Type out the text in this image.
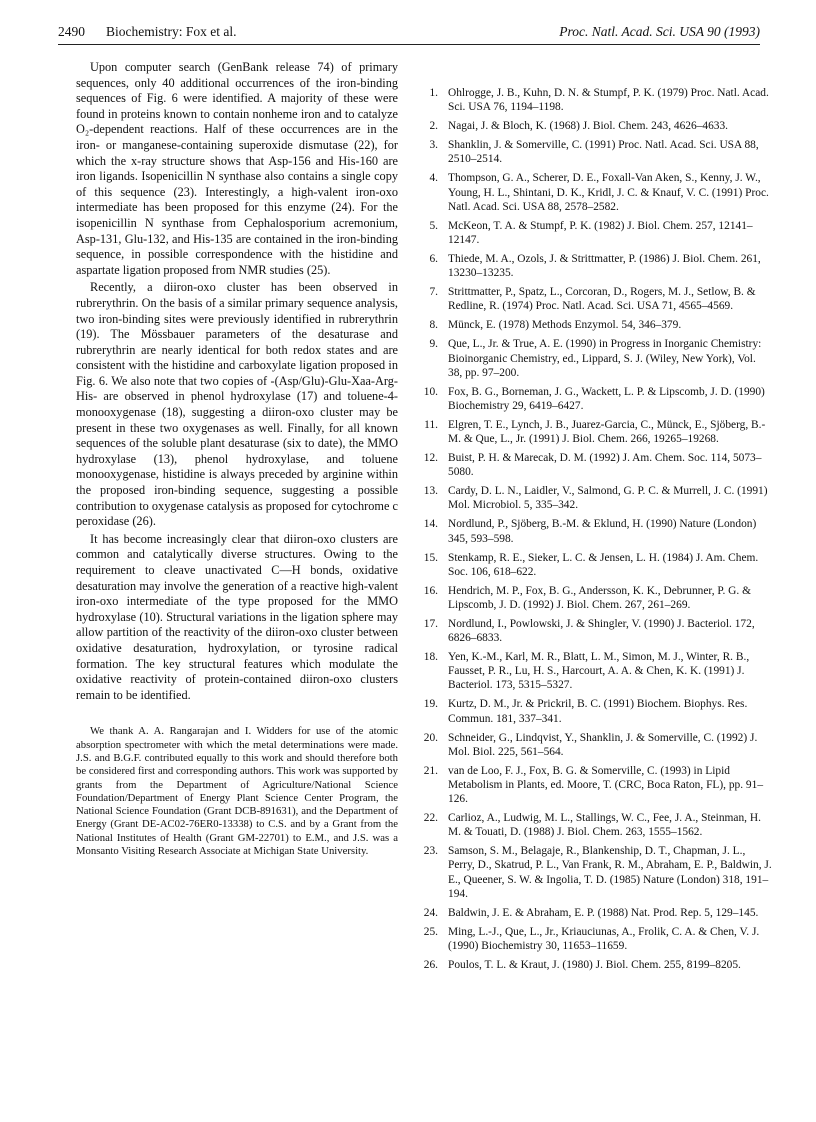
2490 Biochemistry: Fox et al.	Proc. Natl. Acad. Sci. USA 90 (1993)

Upon computer search (GenBank release 74) of primary sequences, only 40 additional occurrences of the iron-binding sequences of Fig. 6 were identified. A majority of these were found in proteins known to contain nonheme iron and to catalyze O₂-dependent reactions. Half of these occurrences are in the iron- or manganese-containing superoxide dismutase (22), for which the x-ray structure shows that Asp-156 and His-160 are iron ligands. Isopenicillin N synthase also contains a single copy of this sequence (23). Interestingly, a high-valent iron-oxo intermediate has been proposed for this enzyme (24). For the isopenicillin N synthase from Cephalosporium acremonium, Asp-131, Glu-132, and His-135 are contained in the iron-binding sequence, in possible correspondence with the histidine and aspartate ligation proposed from NMR studies (25).

Recently, a diiron-oxo cluster has been observed in rubrerythrin. On the basis of a similar primary sequence analysis, two iron-binding sites were previously identified in rubrerythrin (19). The Mössbauer parameters of the desaturase and rubrerythrin are nearly identical for both redox states and are consistent with the histidine and carboxylate ligation proposed in Fig. 6. We also note that two copies of -(Asp/Glu)-Glu-Xaa-Arg-His- are observed in phenol hydroxylase (17) and toluene-4-monooxygenase (18), suggesting a diiron-oxo cluster may be present in these two oxygenases as well. Finally, for all known sequences of the soluble plant desaturase (six to date), the MMO hydroxylase (13), phenol hydroxylase, and toluene monooxygenase, histidine is always preceded by arginine within the proposed iron-binding sequence, suggesting a possible contribution to oxygenase catalysis as proposed for cytochrome c peroxidase (26).

It has become increasingly clear that diiron-oxo clusters are common and catalytically diverse structures. Owing to the requirement to cleave unactivated C—H bonds, oxidative desaturation may involve the generation of a reactive high-valent iron-oxo intermediate of the type proposed for the MMO hydroxylase (10). Structural variations in the ligation sphere may allow partition of the reactivity of the diiron-oxo cluster between oxidative desaturation, hydroxylation, or tyrosine radical formation. The key structural features which modulate the oxidative reactivity of protein-contained diiron-oxo clusters remain to be identified.

We thank A. A. Rangarajan and I. Widders for use of the atomic absorption spectrometer with which the metal determinations were made. J.S. and B.G.F. contributed equally to this work and should therefore both be considered first and corresponding authors. This work was supported by grants from the Department of Agriculture/National Science Foundation/Department of Energy Plant Science Center Program, the National Science Foundation (Grant DCB-891631), and the Department of Energy (Grant DE-AC02-76ER0-13338) to C.S. and by a Grant from the National Institutes of Health (Grant GM-22701) to E.M., and J.S. was a Monsanto Visiting Research Associate at Michigan State University.

1. Ohlrogge, J. B., Kuhn, D. N. & Stumpf, P. K. (1979) Proc. Natl. Acad. Sci. USA 76, 1194–1198.
2. Nagai, J. & Bloch, K. (1968) J. Biol. Chem. 243, 4626–4633.
3. Shanklin, J. & Somerville, C. (1991) Proc. Natl. Acad. Sci. USA 88, 2510–2514.
4. Thompson, G. A., Scherer, D. E., Foxall-Van Aken, S., Kenny, J. W., Young, H. L., Shintani, D. K., Kridl, J. C. & Knauf, V. C. (1991) Proc. Natl. Acad. Sci. USA 88, 2578–2582.
5. McKeon, T. A. & Stumpf, P. K. (1982) J. Biol. Chem. 257, 12141–12147.
6. Thiede, M. A., Ozols, J. & Strittmatter, P. (1986) J. Biol. Chem. 261, 13230–13235.
7. Strittmatter, P., Spatz, L., Corcoran, D., Rogers, M. J., Setlow, B. & Redline, R. (1974) Proc. Natl. Acad. Sci. USA 71, 4565–4569.
8. Münck, E. (1978) Methods Enzymol. 54, 346–379.
9. Que, L., Jr. & True, A. E. (1990) in Progress in Inorganic Chemistry: Bioinorganic Chemistry, ed., Lippard, S. J. (Wiley, New York), Vol. 38, pp. 97–200.
10. Fox, B. G., Borneman, J. G., Wackett, L. P. & Lipscomb, J. D. (1990) Biochemistry 29, 6419–6427.
11. Elgren, T. E., Lynch, J. B., Juarez-Garcia, C., Münck, E., Sjöberg, B.-M. & Que, L., Jr. (1991) J. Biol. Chem. 266, 19265–19268.
12. Buist, P. H. & Marecak, D. M. (1992) J. Am. Chem. Soc. 114, 5073–5080.
13. Cardy, D. L. N., Laidler, V., Salmond, G. P. C. & Murrell, J. C. (1991) Mol. Microbiol. 5, 335–342.
14. Nordlund, P., Sjöberg, B.-M. & Eklund, H. (1990) Nature (London) 345, 593–598.
15. Stenkamp, R. E., Sieker, L. C. & Jensen, L. H. (1984) J. Am. Chem. Soc. 106, 618–622.
16. Hendrich, M. P., Fox, B. G., Andersson, K. K., Debrunner, P. G. & Lipscomb, J. D. (1992) J. Biol. Chem. 267, 261–269.
17. Nordlund, I., Powlowski, J. & Shingler, V. (1990) J. Bacteriol. 172, 6826–6833.
18. Yen, K.-M., Karl, M. R., Blatt, L. M., Simon, M. J., Winter, R. B., Fausset, P. R., Lu, H. S., Harcourt, A. A. & Chen, K. K. (1991) J. Bacteriol. 173, 5315–5327.
19. Kurtz, D. M., Jr. & Prickril, B. C. (1991) Biochem. Biophys. Res. Commun. 181, 337–341.
20. Schneider, G., Lindqvist, Y., Shanklin, J. & Somerville, C. (1992) J. Mol. Biol. 225, 561–564.
21. van de Loo, F. J., Fox, B. G. & Somerville, C. (1993) in Lipid Metabolism in Plants, ed. Moore, T. (CRC, Boca Raton, FL), pp. 91–126.
22. Carlioz, A., Ludwig, M. L., Stallings, W. C., Fee, J. A., Steinman, H. M. & Touati, D. (1988) J. Biol. Chem. 263, 1555–1562.
23. Samson, S. M., Belagaje, R., Blankenship, D. T., Chapman, J. L., Perry, D., Skatrud, P. L., Van Frank, R. M., Abraham, E. P., Baldwin, J. E., Queener, S. W. & Ingolia, T. D. (1985) Nature (London) 318, 191–194.
24. Baldwin, J. E. & Abraham, E. P. (1988) Nat. Prod. Rep. 5, 129–145.
25. Ming, L.-J., Que, L., Jr., Kriauciunas, A., Frolik, C. A. & Chen, V. J. (1990) Biochemistry 30, 11653–11659.
26. Poulos, T. L. & Kraut, J. (1980) J. Biol. Chem. 255, 8199–8205.
